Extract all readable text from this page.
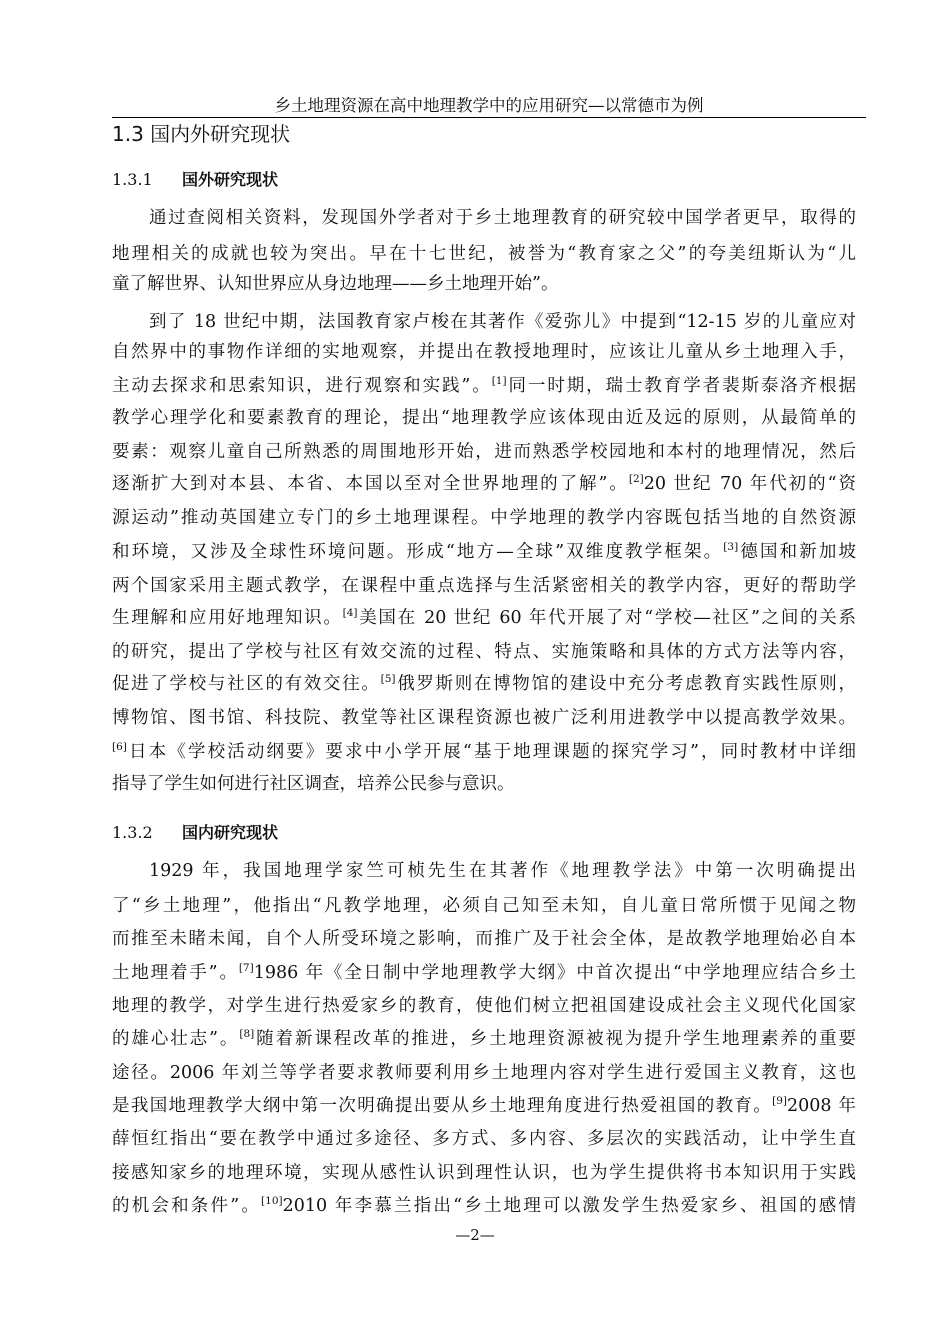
乡土地理资源在高中地理教学中的应用研究—以常德市为例
1.3 国内外研究现状
1.3.1 国外研究现状
1.3.2 国内研究现状
—2—
通过查阅相关资料，发现国外学者对于乡土地理教育的研究较中国学者更早，取得的
地理相关的成就也较为突出。早在十七世纪，被誉为“教育家之父”的夸美纽斯认为“儿
童了解世界、认知世界应从身边地理——乡土地理开始”。
到了 18 世纪中期，法国教育家卢梭在其著作《爱弥儿》中提到“12-15 岁的儿童应对
自然界中的事物作详细的实地观察，并提出在教授地理时，应该让儿童从乡土地理入手，
主动去探求和思索知识，进行观察和实践”。[1]同一时期，瑞士教育学者裴斯泰洛齐根据
教学心理学化和要素教育的理论，提出“地理教学应该体现由近及远的原则，从最简单的
要素：观察儿童自己所熟悉的周围地形开始，进而熟悉学校园地和本村的地理情况，然后
逐渐扩大到对本县、本省、本国以至对全世界地理的了解”。[2]20 世纪 70 年代初的“资
源运动”推动英国建立专门的乡土地理课程。中学地理的教学内容既包括当地的自然资源
和环境，又涉及全球性环境问题。形成“地方—全球”双维度教学框架。[3]德国和新加坡
两个国家采用主题式教学，在课程中重点选择与生活紧密相关的教学内容，更好的帮助学
生理解和应用好地理知识。[4]美国在 20 世纪 60 年代开展了对“学校—社区”之间的关系
的研究，提出了学校与社区有效交流的过程、特点、实施策略和具体的方式方法等内容，
促进了学校与社区的有效交往。[5]俄罗斯则在博物馆的建设中充分考虑教育实践性原则，
博物馆、图书馆、科技院、教堂等社区课程资源也被广泛利用进教学中以提高教学效果。
[6]日本《学校活动纲要》要求中小学开展“基于地理课题的探究学习”，同时教材中详细
指导了学生如何进行社区调查，培养公民参与意识。
1929 年，我国地理学家竺可桢先生在其著作《地理教学法》中第一次明确提出
了“乡土地理”，他指出“凡教学地理，必须自己知至未知，自儿童日常所惯于见闻之物
而推至未睹未闻，自个人所受环境之影响，而推广及于社会全体，是故教学地理始必自本
土地理着手”。[7]1986 年《全日制中学地理教学大纲》中首次提出“中学地理应结合乡土
地理的教学，对学生进行热爱家乡的教育，使他们树立把祖国建设成社会主义现代化国家
的雄心壮志”。[8]随着新课程改革的推进，乡土地理资源被视为提升学生地理素养的重要
途径。2006 年刘兰等学者要求教师要利用乡土地理内容对学生进行爱国主义教育，这也
是我国地理教学大纲中第一次明确提出要从乡土地理角度进行热爱祖国的教育。[9]2008 年
薛恒红指出“要在教学中通过多途径、多方式、多内容、多层次的实践活动，让中学生直
接感知家乡的地理环境，实现从感性认识到理性认识，也为学生提供将书本知识用于实践
的机会和条件”。[10]2010 年李慕兰指出“乡土地理可以激发学生热爱家乡、祖国的感情
